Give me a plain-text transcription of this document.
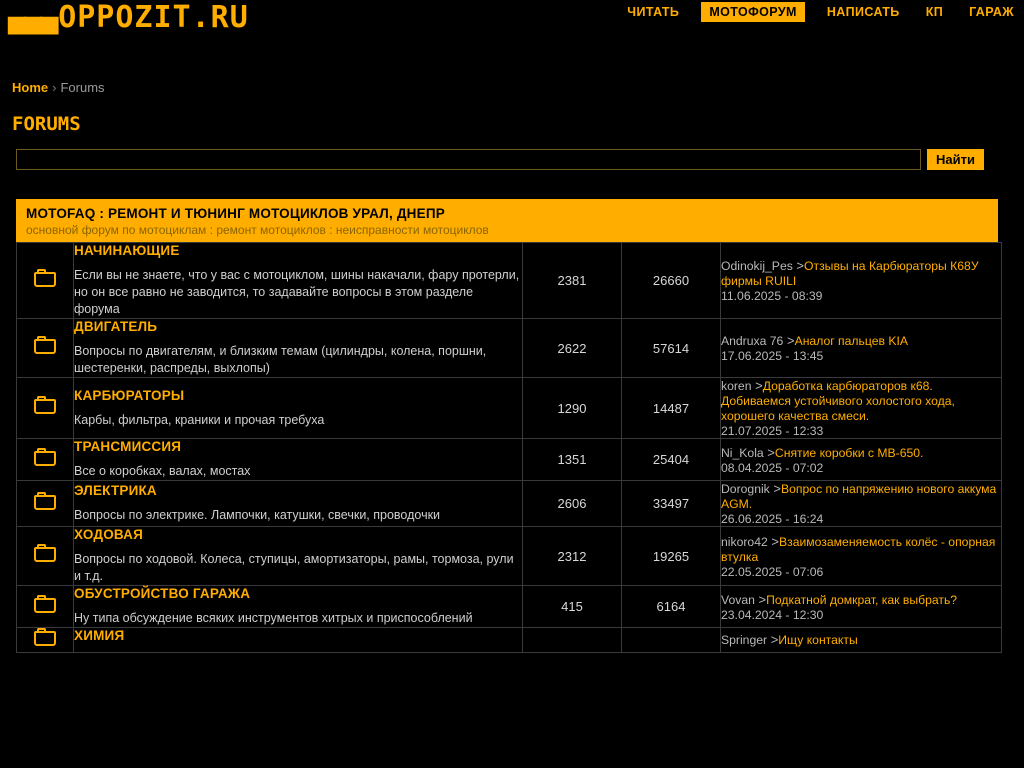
▄▄▄OPPOZIT.RU	ЧИТАТЬ	МОТОФОРУМ	НАПИСАТЬ	КП	ГАРАЖ
Home › Forums
FORUMS
Найти
MOTOFAQ : РЕМОНТ И ТЮНИНГ МОТОЦИКЛОВ УРАЛ, ДНЕПР
основной форум по мотоциклам : ремонт мотоциклов : неисправности мотоциклов

	НАЧИНАЮЩИЕ
Если вы не знаете, что у вас с мотоциклом, шины накачали, фару протерли, но он все равно не заводится, то задавайте вопросы в этом разделе форума	2381	26660	Odinokij_Pes >Отзывы на Карбюраторы К68У фирмы RUILI
11.06.2025 - 08:39

	ДВИГАТЕЛЬ
Вопросы по двигателям, и близким темам (цилиндры, колена, поршни, шестеренки, распреды, выхлопы)	2622	57614	Andruxa 76 >Аналог пальцев KIA
17.06.2025 - 13:45

	КАРБЮРАТОРЫ
Карбы, фильтра, краники и прочая требуха	1290	14487	koren >Доработка карбюраторов к68. Добиваемся устойчивого холостого хода, хорошего качества смеси.
21.07.2025 - 12:33

	ТРАНСМИССИЯ
Все о коробках, валах, мостах	1351	25404	Ni_Kola >Снятие коробки с МВ-650.
08.04.2025 - 07:02

	ЭЛЕКТРИКА
Вопросы по электрике. Лампочки, катушки, свечки, проводочки	2606	33497	Dorognik >Вопрос по напряжению нового аккума AGM.
26.06.2025 - 16:24

	ХОДОВАЯ
Вопросы по ходовой. Колеса, ступицы, амортизаторы, рамы, тормоза, рули и т.д.	2312	19265	nikoro42 >Взаимозаменяемость колёс - опорная втулка
22.05.2025 - 07:06

	ОБУСТРОЙСТВО ГАРАЖА
Ну типа обсуждение всяких инструментов хитрых и приспособлений	415	6164	Vovan >Подкатной домкрат, как выбрать?
23.04.2024 - 12:30

	ХИМИЯ			Springer >Ищу контакты
